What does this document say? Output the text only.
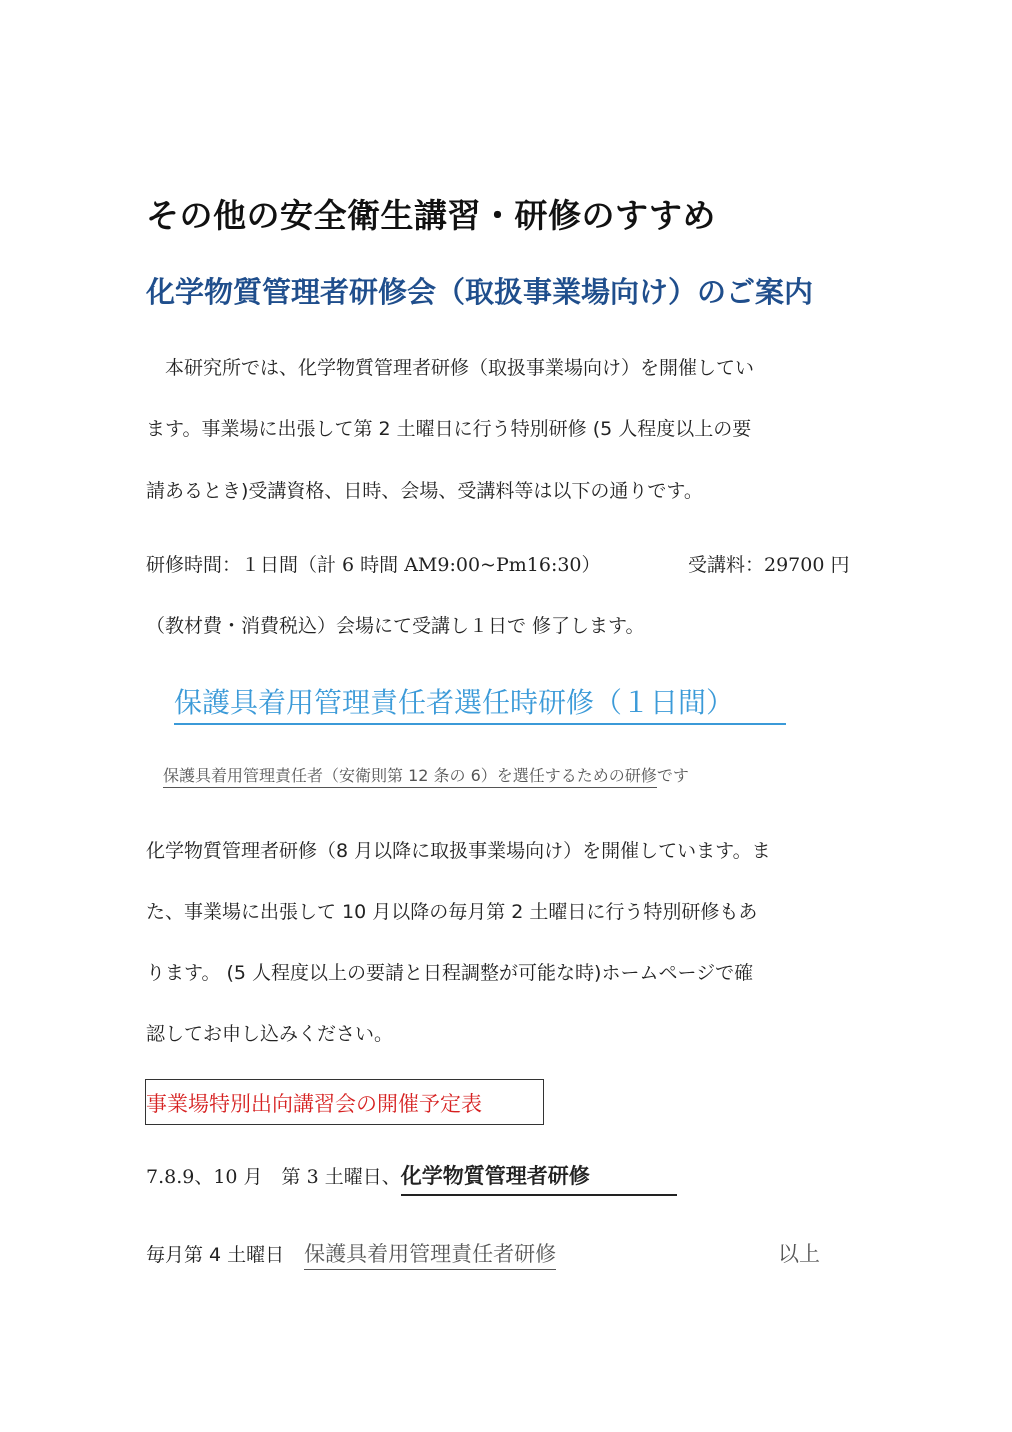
その他の安全衛生講習・研修のすすめ
化学物質管理者研修会（取扱事業場向け）のご案内
　本研究所では、化学物質管理者研修（取扱事業場向け）を開催してい
ます。事業場に出張して第 2 土曜日に行う特別研修 (5 人程度以上の要
請あるとき)受講資格、日時、会場、受講料等は以下の通りです。
研修時間：１日間（計 6 時間 AM9:00~Pm16:30）	受講料：29700 円
（教材費・消費税込）会場にて受講し１日で 修了します。
保護具着用管理責任者選任時研修（１日間）
保護具着用管理責任者（安衛則第 12 条の 6）を選任するための研修です
化学物質管理者研修（8 月以降に取扱事業場向け）を開催しています。ま
た、事業場に出張して 10 月以降の毎月第 2 土曜日に行う特別研修もあ
ります。 (5 人程度以上の要請と日程調整が可能な時)ホームページで確
認してお申し込みください。
事業場特別出向講習会の開催予定表
7.8.9、10 月　第 3 土曜日、化学物質管理者研修
毎月第 4 土曜日 保護具着用管理責任者研修	以上
